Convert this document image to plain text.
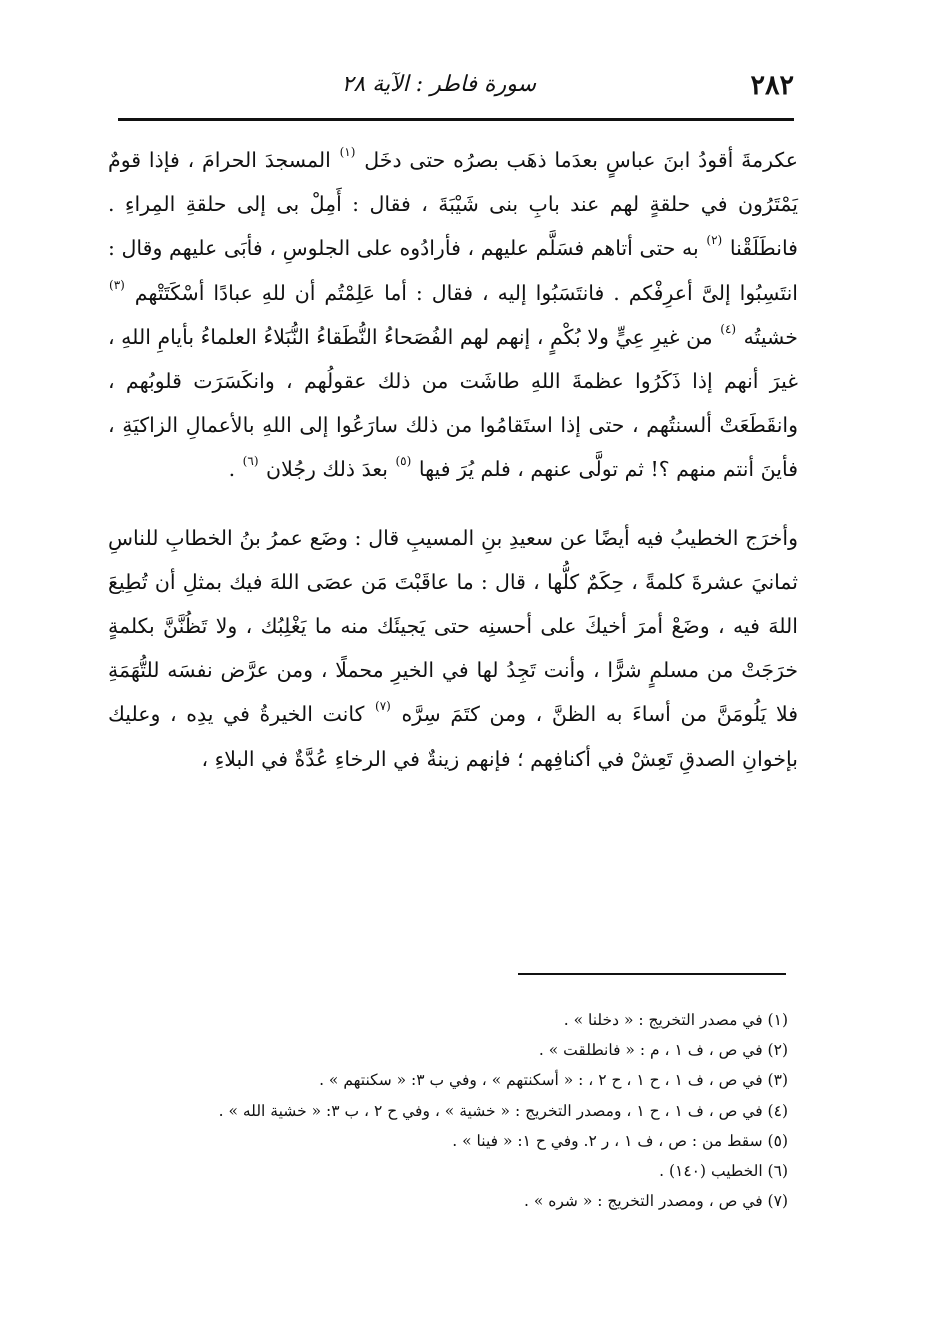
٢٨٢
سورة فاطر : الآية ٢٨

عكرمةَ أقودُ ابنَ عباسٍ بعدَما ذهَب بصرُه حتى دخَل $^{(١)}$ المسجدَ الحرامَ ، فإذا قومٌ يَمْتَرُون في حلقةٍ لهم عند بابِ بنى شَيْبَةَ ، فقال : أَمِلْ بى إلى حلقةِ المِراءِ . فانطَلَقْنا $^{(٢)}$ به حتى أتاهم فسَلَّم عليهم ، فأرادُوه على الجلوسِ ، فأبَى عليهم وقال : انتَسِبُوا إلىَّ أعرِفْكم . فانتَسَبُوا إليه ، فقال : أما عَلِمْتُم أن للهِ عبادًا أسْكَتَتْهم $^{(٣)}$ خشيتُه $^{(٤)}$ من غيرِ عِيٍّ ولا بُكْمٍ ، إنهم لهم الفُصَحاءُ النُّطَقاءُ النُّبَلاءُ العلماءُ بأيامِ اللهِ ، غيرَ أنهم إذا ذَكَرُوا عظمةَ اللهِ طاشَت من ذلك عقولُهم ، وانكَسَرَت قلوبُهم ، وانقَطَعَتْ ألسنتُهم ، حتى إذا استَقامُوا من ذلك سارَعُوا إلى اللهِ بالأعمالِ الزاكيَةِ ، فأينَ أنتم منهم ؟! ثم تولَّى عنهم ، فلم يُرَ فيها $^{(٥)}$ بعدَ ذلك رجُلان $^{(٦)}$ .

وأخرَج الخطيبُ فيه أيضًا عن سعيدِ بنِ المسيبِ قال : وضَع عمرُ بنُ الخطابِ للناسِ ثمانيَ عشرةَ كلمةً ، حِكَمٌ كلُّها ، قال : ما عاقَبْتَ مَن عصَى اللهَ فيك بمثلِ أن تُطِيعَ اللهَ فيه ، وضَعْ أمرَ أخيكَ على أحسنِه حتى يَجيئَك منه ما يَغْلِبُك ، ولا تَظُنَّنَّ بكلمةٍ خرَجَتْ من مسلمٍ شرًّا ، وأنت تَجِدُ لها في الخيرِ محملًا ، ومن عرَّض نفسَه للتُّهَمَةِ فلا يَلُومَنَّ من أساءَ به الظنَّ ، ومن كتَمَ سِرَّه $^{(٧)}$ كانت الخيرةُ في يدِه ، وعليك بإخوانِ الصدقِ تَعِشْ في أكنافِهم ؛ فإنهم زينةٌ في الرخاءِ عُدَّةٌ في البلاءِ ،

(١) في مصدر التخريج : « دخلنا » .
(٢) في ص ، ف ١ ، م : « فانطلقت » .
(٣) في ص ، ف ١ ، ح ١ ، ح ٢ ، : « أسكنتهم » ، وفي ب ٣: « سكنتهم » .
(٤) في ص ، ف ١ ، ح ١ ، ومصدر التخريج : « خشية » ، وفي ح ٢ ، ب ٣: « خشية الله » .
(٥) سقط من : ص ، ف ١ ، ر ٢. وفي ح ١: « فينا » .
(٦) الخطيب (١٤٠) .
(٧) في ص ، ومصدر التخريج : « شره » .
